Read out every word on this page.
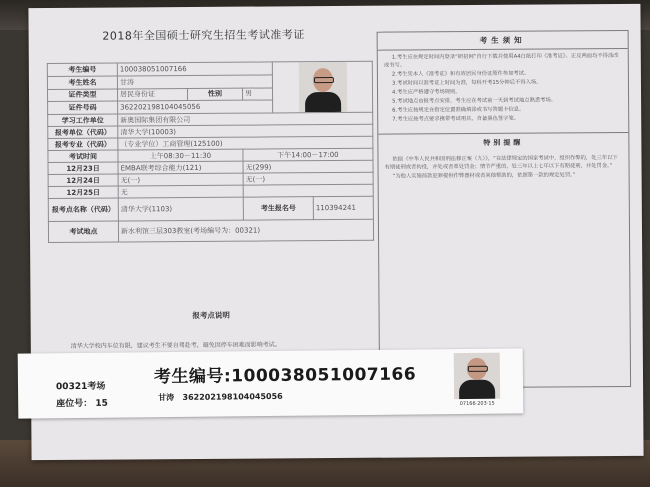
2018年全国硕士研究生招生考试准考证
考生编号	100038051007166				

考生姓名	甘涛				
证件类型	居民身份证	性别	男		
证件号码	362202198104045056				
学习工作单位	新奥国际集团有限公司				
报考单位（代码）	清华大学(10003)				
报考专业（代码）	（专业学位）工商管理(125100)				
考试时间	上午08:30－11:30		下午14:00－17:00		
12月23日	EMBA联考综合能力(121)		无(299)		
12月24日	无(一)		无(一)		
12月25日	无				
报考点名称（代码）	清华大学(1103)		考生报名号		110394241
考试地点	新水利馆三层303教室(考场编号为：00321)				
报考点说明
清华大学校内车位有限，建议考生不要自驾赴考，避免因停车困难而影响考试。
考生须知

1.考生应在规定时间内登录“研招网”自行下载并使用A4白纸打印《准考证》。正反两面均不得涂改或书写。

2.考生凭本人《准考证》和有效居民身份证原件参加考试。

3.考试时间以准考证上时间为准，每科开考15分钟后不得入场。

4.考生应严格遵守考场规则。

5.考试地点由报考点安排，考生应在考试前一天到考试地点熟悉考场。

6.考生应按规定在指定位置准确填涂或书写答题卡信息。

7.考生应按考点要求携带考试用具，自备黑色签字笔。

特别提醒

依据《中华人民共和国刑法修正案（九）》，“在法律规定的国家考试中，组织作弊的，处三年以下有期徒刑或者拘役，并处或者单处罚金；情节严重的，处三年以上七年以下有期徒刑，并处罚金。”

“为他人实施前款犯罪提供作弊器材或者其他帮助的，依照第一款的规定处罚。”

00321考场
座位号： 15
考生编号:100038051007166
甘涛 362202198104045056
07166·203·15
